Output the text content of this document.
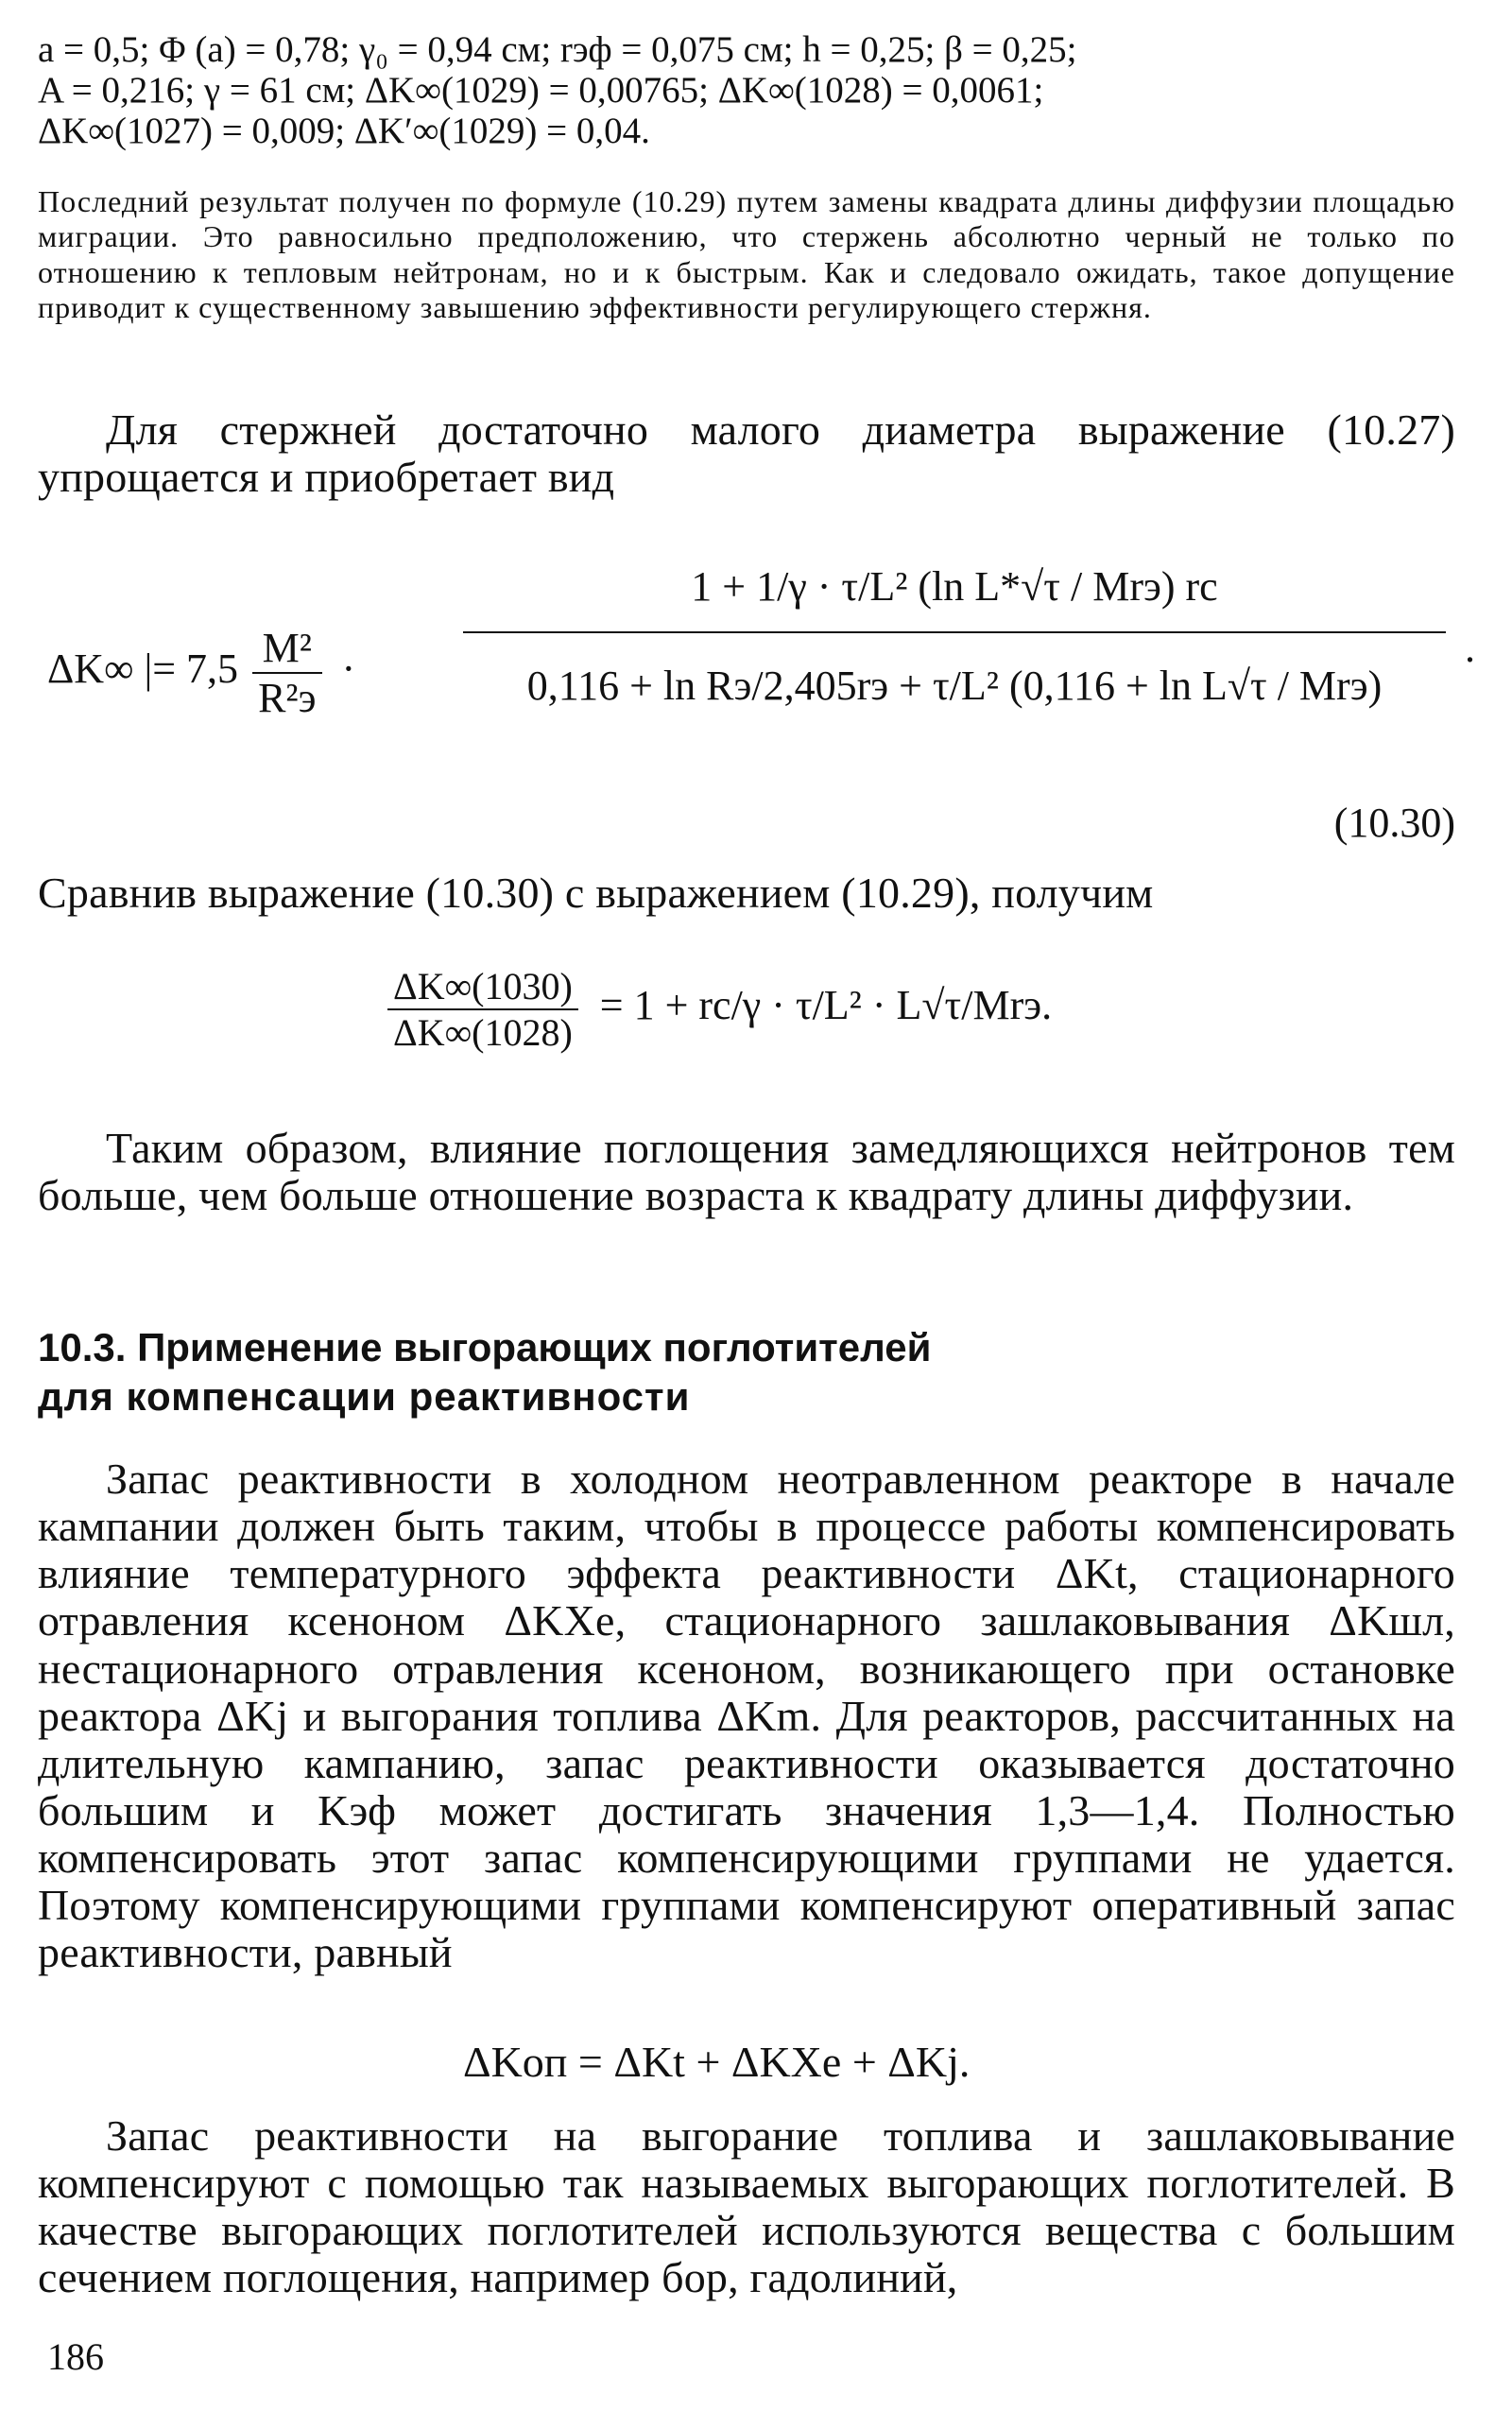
a = 0,5; Φ (a) = 0,78; γ₀ = 0,94 см; rэф = 0,075 см; h = 0,25; β = 0,25;
A = 0,216; γ = 61 см; ΔK∞(1029) = 0,00765; ΔK∞(1028) = 0,0061;
ΔK∞(1027) = 0,009; ΔK′∞(1029) = 0,04.
Последний результат получен по формуле (10.29) путем замены квадрата длины диффузии площадью миграции. Это равносильно предположению, что стержень абсолютно черный не только по отношению к тепловым нейтронам, но и к быстрым. Как и следовало ожидать, такое допущение приводит к существенному завышению эффективности регулирующего стержня.
Для стержней достаточно малого диаметра выражение (10.27) упрощается и приобретает вид
ΔK∞ |= $7,5 \frac{\text{M²}}{\text{R²э}}$ ·
1 + 1/γ · τ/L² (ln L*√τ / Mrэ) rc
0,116 + ln Rэ/2,405rэ + τ/L² (0,116 + ln L√τ / Mrэ)
.
(10.30)
Сравнив выражение (10.30) с выражением (10.29), получим
$\frac{\Delta K\infty(1030)}{\Delta K\infty(1028)} = 1 + rc/\gamma \cdot \tau/L^2 \cdot L√\tau/Mrэ$.
Таким образом, влияние поглощения замедляющихся нейтронов тем больше, чем больше отношение возраста к квадрату длины диффузии.
10.3. Применение выгорающих поглотителей
для компенсации реактивности
Запас реактивности в холодном неотравленном реакторе в начале кампании должен быть таким, чтобы в процессе работы компенсировать влияние температурного эффекта реактивности ΔKt, стационарного отравления ксеноном ΔKXe, стационарного зашлаковывания ΔKшл, нестационарного отравления ксеноном, возникающего при остановке реактора ΔKj и выгорания топлива ΔKm. Для реакторов, рассчитанных на длительную кампанию, запас реактивности оказывается достаточно большим и Kэф может достигать значения 1,3—1,4. Полностью компенсировать этот запас компенсирующими группами не удается. Поэтому компенсирующими группами компенсируют оперативный запас реактивности, равный
ΔKоп = ΔKt + ΔKXe + ΔKj.
Запас реактивности на выгорание топлива и зашлаковывание компенсируют с помощью так называемых выгорающих поглотителей. В качестве выгорающих поглотителей используются вещества с большим сечением поглощения, например бор, гадолиний,
186
